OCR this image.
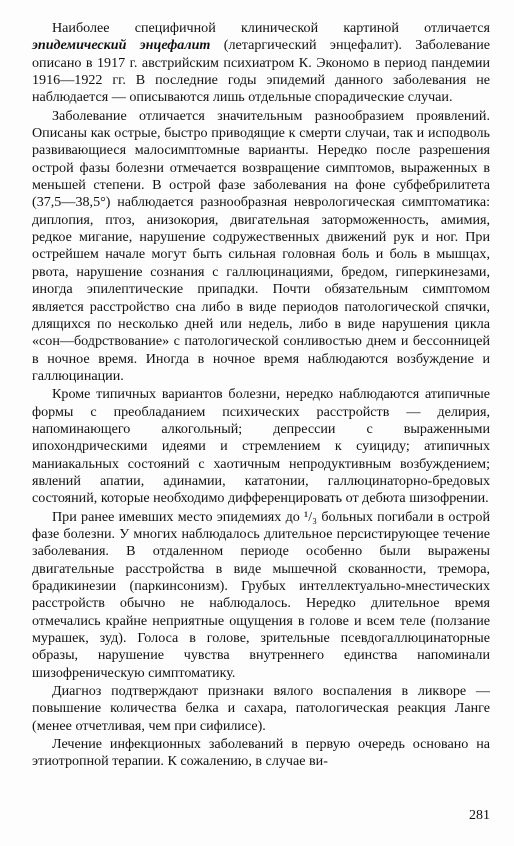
Наиболее специфичной клинической картиной отличается эпидемический энцефалит (летаргический энцефалит). Заболевание описано в 1917 г. австрийским психиатром К. Экономо в период пандемии 1916—1922 гг. В последние годы эпидемий данного заболевания не наблюдается — описываются лишь отдельные спорадические случаи.

Заболевание отличается значительным разнообразием проявлений. Описаны как острые, быстро приводящие к смерти случаи, так и исподволь развивающиеся малосимптомные варианты. Нередко после разрешения острой фазы болезни отмечается возвращение симптомов, выраженных в меньшей степени. В острой фазе заболевания на фоне субфебрилитета (37,5—38,5°) наблюдается разнообразная неврологическая симптоматика: диплопия, птоз, анизокория, двигательная заторможенность, амимия, редкое мигание, нарушение содружественных движений рук и ног. При острейшем начале могут быть сильная головная боль и боль в мышцах, рвота, нарушение сознания с галлюцинациями, бредом, гиперкинезами, иногда эпилептические припадки. Почти обязательным симптомом является расстройство сна либо в виде периодов патологической спячки, длящихся по несколько дней или недель, либо в виде нарушения цикла «сон—бодрствование» с патологической сонливостью днем и бессонницей в ночное время. Иногда в ночное время наблюдаются возбуждение и галлюцинации.

Кроме типичных вариантов болезни, нередко наблюдаются атипичные формы с преобладанием психических расстройств — делирия, напоминающего алкогольный; депрессии с выраженными ипохондрическими идеями и стремлением к суициду; атипичных маниакальных состояний с хаотичным непродуктивным возбуждением; явлений апатии, адинамии, кататонии, галлюцинаторно-бредовых состояний, которые необходимо дифференцировать от дебюта шизофрении.

При ранее имевших место эпидемиях до ¹/₃ больных погибали в острой фазе болезни. У многих наблюдалось длительное персистирующее течение заболевания. В отдаленном периоде особенно были выражены двигательные расстройства в виде мышечной скованности, тремора, брадикинезии (паркинсонизм). Грубых интеллектуально-мнестических расстройств обычно не наблюдалось. Нередко длительное время отмечались крайне неприятные ощущения в голове и всем теле (ползание мурашек, зуд). Голоса в голове, зрительные псевдогаллюцинаторные образы, нарушение чувства внутреннего единства напоминали шизофреническую симптоматику.

Диагноз подтверждают признаки вялого воспаления в ликворе — повышение количества белка и сахара, патологическая реакция Ланге (менее отчетливая, чем при сифилисе).

Лечение инфекционных заболеваний в первую очередь основано на этиотропной терапии. К сожалению, в случае ви-

281
